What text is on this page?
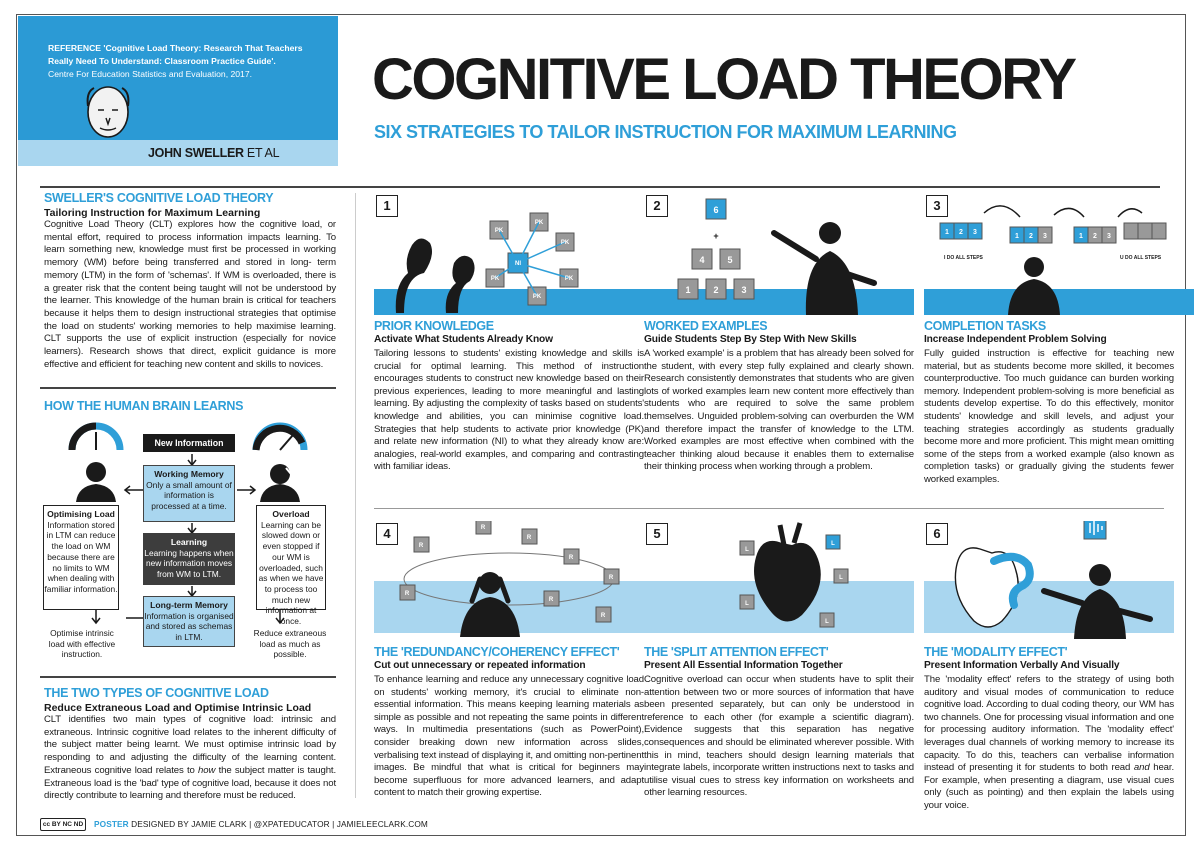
REFERENCE 'Cognitive Load Theory: Research That Teachers Really Need To Understand: Classroom Practice Guide'.
Centre For Education Statistics and Evaluation, 2017.
JOHN SWELLER ET AL
COGNITIVE LOAD THEORY
SIX STRATEGIES TO TAILOR INSTRUCTION FOR MAXIMUM LEARNING
SWELLER'S COGNITIVE LOAD THEORY
Tailoring Instruction for Maximum Learning
Cognitive Load Theory (CLT) explores how the cognitive load, or mental effort, required to process information impacts learning. To learn something new, knowledge must first be processed in working memory (WM) before being transferred and stored in long- term memory (LTM) in the form of 'schemas'. If WM is overloaded, there is a greater risk that the content being taught will not be understood by the learner. This knowledge of the human brain is critical for teachers because it helps them to design instructional strategies that optimise the load on students' working memories to help maximise learning. CLT supports the use of explicit instruction (especially for novice learners). Research shows that direct, explicit guidance is more effective and efficient for teaching new content and skills to novices.
HOW THE HUMAN BRAIN LEARNS
Optimising Load
Information stored in LTM can reduce the load on WM because there are no limits to WM when dealing with familiar information.
Optimise intrinsic load with effective instruction.
Overload
Learning can be slowed down or even stopped if our WM is overloaded, such as when we have to process too much new information at once.
Reduce extraneous load as much as possible.
New Information
Working Memory
Only a small amount of information is processed at a time.
Learning
Learning happens when new information moves from WM to LTM.
Long-term Memory
Information is organised and stored as schemas in LTM.
THE TWO TYPES OF COGNITIVE LOAD
Reduce Extraneous Load and Optimise Intrinsic Load
CLT identifies two main types of cognitive load: intrinsic and extraneous. Intrinsic cognitive load relates to the inherent difficulty of the subject matter being learnt. We must optimise intrinsic load by responding to and adjusting the difficulty of the learning content. Extraneous cognitive load relates to how the subject matter is taught. Extraneous load is the 'bad' type of cognitive load, because it does not directly contribute to learning and therefore must be reduced.
PK
PK
PK
PK
NI
PK
PK
1
PRIOR KNOWLEDGE
Activate What Students Already Know
Tailoring lessons to students' existing knowledge and skills is crucial for optimal learning. This method of instruction encourages students to construct new knowledge based on their previous experiences, leading to more meaningful and lasting learning. By adjusting the complexity of tasks based on students' knowledge and abilities, you can minimise cognitive load. Strategies that help students to activate prior knowledge (PK) and relate new information (NI) to what they already know are: analogies, real-world examples, and comparing and contrasting with familiar ideas.
6
+
4	5
1	2	3
2
WORKED EXAMPLES
Guide Students Step By Step With New Skills
A 'worked example' is a problem that has already been solved for the student, with every step fully explained and clearly shown. Research consistently demonstrates that students who are given lots of worked examples learn new content more effectively than students who are required to solve the same problem themselves. Unguided problem-solving can overburden the WM and therefore impact the transfer of knowledge to the LTM. Worked examples are most effective when combined with the teacher thinking aloud because it enables them to externalise their thinking process when working through a problem.
I DO ALL STEPS
1 2 3
1 2 3	1 2 3
U DO ALL STEPS
3
COMPLETION TASKS
Increase Independent Problem Solving
Fully guided instruction is effective for teaching new material, but as students become more skilled, it becomes counterproductive. Too much guidance can burden working memory. Independent problem-solving is more beneficial as students develop expertise. To do this effectively, monitor students' knowledge and skill levels, and adjust your teaching strategies accordingly as students gradually become more and more proficient. This might mean omitting some of the steps from a worked example (also known as completion tasks) or gradually giving the students fewer worked examples.
R
R
R
R
R
R
R
R
4
THE 'REDUNDANCY/COHERENCY EFFECT'
Cut out unnecessary or repeated information
To enhance learning and reduce any unnecessary cognitive load on students' working memory, it's crucial to eliminate non-essential information. This means keeping learning materials as simple as possible and not repeating the same points in different ways. In multimedia presentations (such as PowerPoint), consider breaking down new information across slides, verbalising text instead of displaying it, and omitting non-pertinent images. Be mindful that what is critical for beginners may become superfluous for more advanced learners, and adapt content to match their growing expertise.
L
L
L
L
L
5
THE 'SPLIT ATTENTION EFFECT'
Present All Essential Information Together
Cognitive overload can occur when students have to split their attention between two or more sources of information that have been presented separately, but can only be understood in reference to each other (for example a scientific diagram). Evidence suggests that this separation has negative consequences and should be eliminated wherever possible. With this in mind, teachers should design learning materials that integrate labels, incorporate written instructions next to tasks and utilise visual cues to stress key information on worksheets and other learning resources.
6
THE 'MODALITY EFFECT'
Present Information Verbally And Visually
The 'modality effect' refers to the strategy of using both auditory and visual modes of communication to reduce cognitive load. According to dual coding theory, our WM has two channels. One for processing visual information and one for processing auditory information. The 'modality effect' leverages dual channels of working memory to increase its capacity. To do this, teachers can verbalise information instead of presenting it for students to both read and hear. For example, when presenting a diagram, use visual cues only (such as pointing) and then explain the labels using your voice.
cc BY NC ND	POSTER DESIGNED BY JAMIE CLARK | @XPATEDUCATOR | JAMIELEECLARK.COM
